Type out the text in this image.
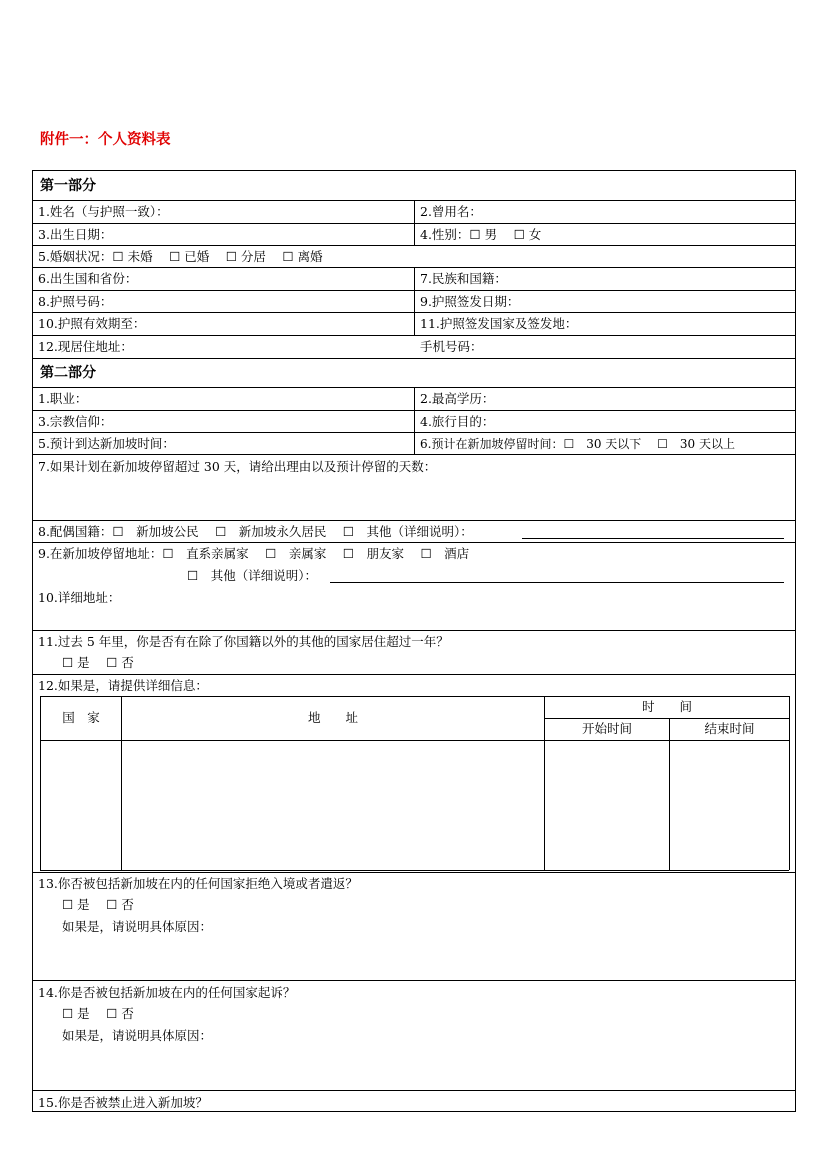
附件一：个人资料表
第一部分
1.姓名（与护照一致）：	2.曾用名：
3.出生日期：	4.性别：☐ 男　 ☐ 女
5.婚姻状况：☐ 未婚　 ☐ 已婚　 ☐ 分居　 ☐ 离婚
6.出生国和省份：	7.民族和国籍：
8.护照号码：	9.护照签发日期：
10.护照有效期至：	11.护照签发国家及签发地：
12.现居住地址：	手机号码：
第二部分
1.职业：	2.最高学历：
3.宗教信仰：	4.旅行目的：
5.预计到达新加坡时间：	6.预计在新加坡停留时间：☐　30 天以下　 ☐　30 天以上
7.如果计划在新加坡停留超过 30 天，请给出理由以及预计停留的天数：
8.配偶国籍：☐　新加坡公民　 ☐　新加坡永久居民　 ☐　其他（详细说明）：
9.在新加坡停留地址：☐　直系亲属家　 ☐　亲属家　 ☐　朋友家　 ☐　酒店
☐　其他（详细说明）：
10.详细地址：
11.过去 5 年里，你是否有在除了你国籍以外的其他的国家居住超过一年？
☐ 是　 ☐ 否
12.如果是，请提供详细信息：
国　家	地　　址
时　　间
开始时间	结束时间
13.你否被包括新加坡在内的任何国家拒绝入境或者遣返？
☐ 是　 ☐ 否
如果是，请说明具体原因：
14.你是否被包括新加坡在内的任何国家起诉？
☐ 是　 ☐ 否
如果是，请说明具体原因：
15.你是否被禁止进入新加坡？
